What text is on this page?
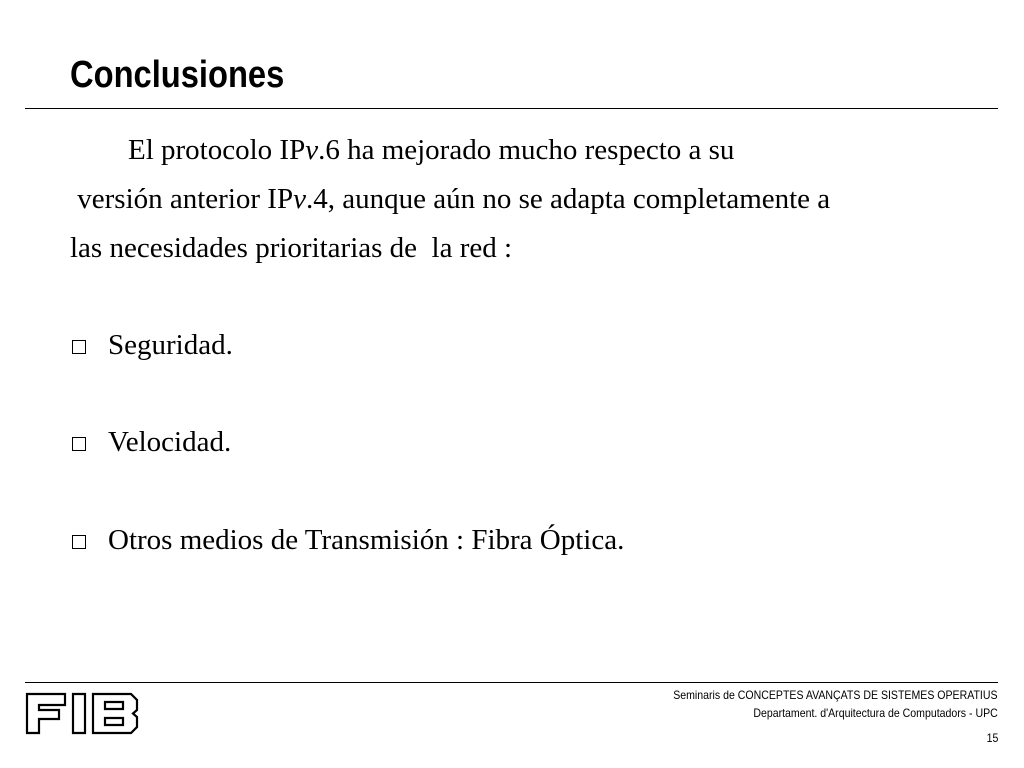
Conclusiones
El protocolo IPv.6 ha mejorado mucho respecto a su
versión anterior IPv.4, aunque aún no se adapta completamente a
las necesidades prioritarias de  la red :
Seguridad.
Velocidad.
Otros medios de Transmisión : Fibra Óptica.
Seminaris de CONCEPTES AVANÇATS DE SISTEMES OPERATIUS
Departament. d'Arquitectura de Computadors - UPC
15
